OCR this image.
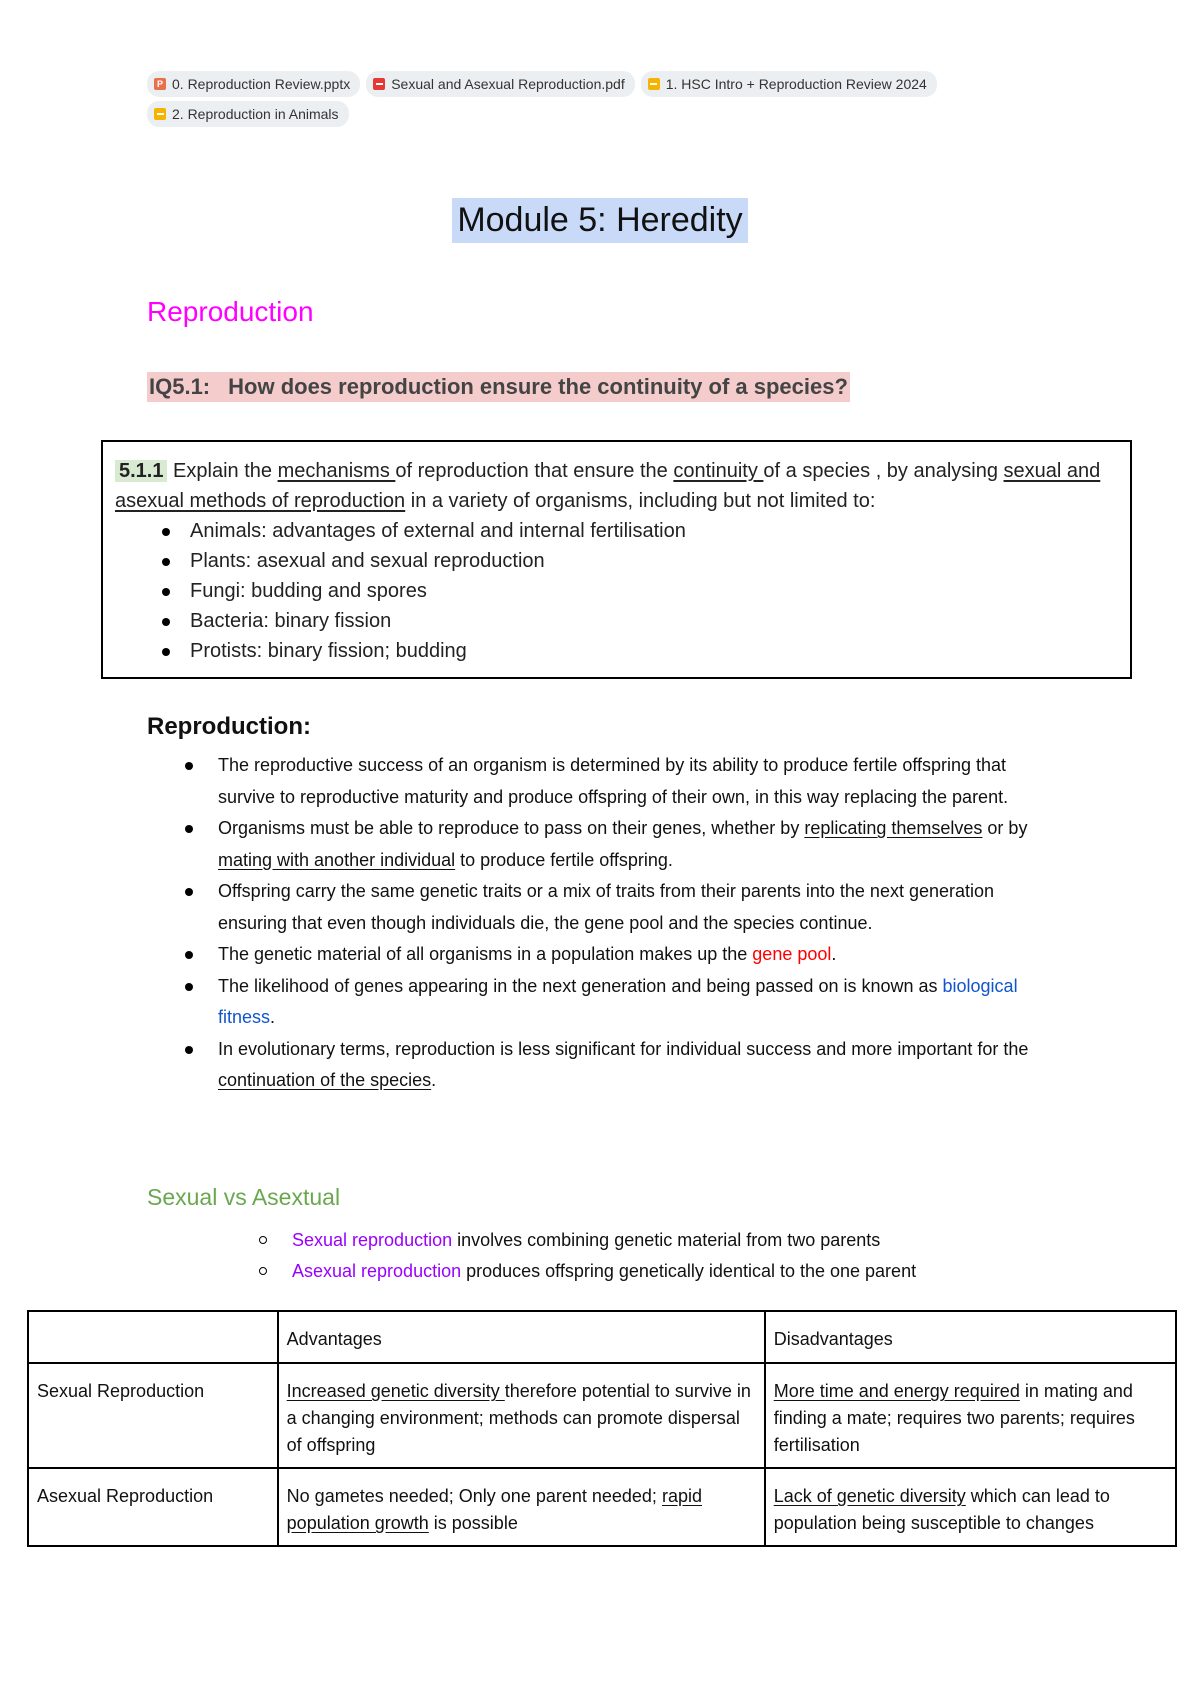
P 0. Reproduction Review.pptx	Sexual and Asexual Reproduction.pdf	1. HSC Intro + Reproduction Review 2024
2. Reproduction in Animals
Module 5: Heredity
Reproduction
IQ5.1: How does reproduction ensure the continuity of a species?
5.1.1 Explain the mechanisms of reproduction that ensure the continuity of a species , by analysing sexual and asexual methods of reproduction in a variety of organisms, including but not limited to:
Animals: advantages of external and internal fertilisation
Plants: asexual and sexual reproduction
Fungi: budding and spores
Bacteria: binary fission
Protists: binary fission; budding
Reproduction:
The reproductive success of an organism is determined by its ability to produce fertile offspring that survive to reproductive maturity and produce offspring of their own, in this way replacing the parent.
Organisms must be able to reproduce to pass on their genes, whether by replicating themselves or by mating with another individual to produce fertile offspring.
Offspring carry the same genetic traits or a mix of traits from their parents into the next generation ensuring that even though individuals die, the gene pool and the species continue.
The genetic material of all organisms in a population makes up the gene pool.
The likelihood of genes appearing in the next generation and being passed on is known as biological fitness.
In evolutionary terms, reproduction is less significant for individual success and more important for the continuation of the species.
Sexual vs Asextual
Sexual reproduction involves combining genetic material from two parents
Asexual reproduction produces offspring genetically identical to the one parent
	Advantages	Disadvantages
Sexual Reproduction	Increased genetic diversity therefore potential to survive in a changing environment; methods can promote dispersal of offspring	More time and energy required in mating and finding a mate; requires two parents; requires fertilisation
Asexual Reproduction	No gametes needed; Only one parent needed; rapid population growth is possible	Lack of genetic diversity which can lead to population being susceptible to changes
